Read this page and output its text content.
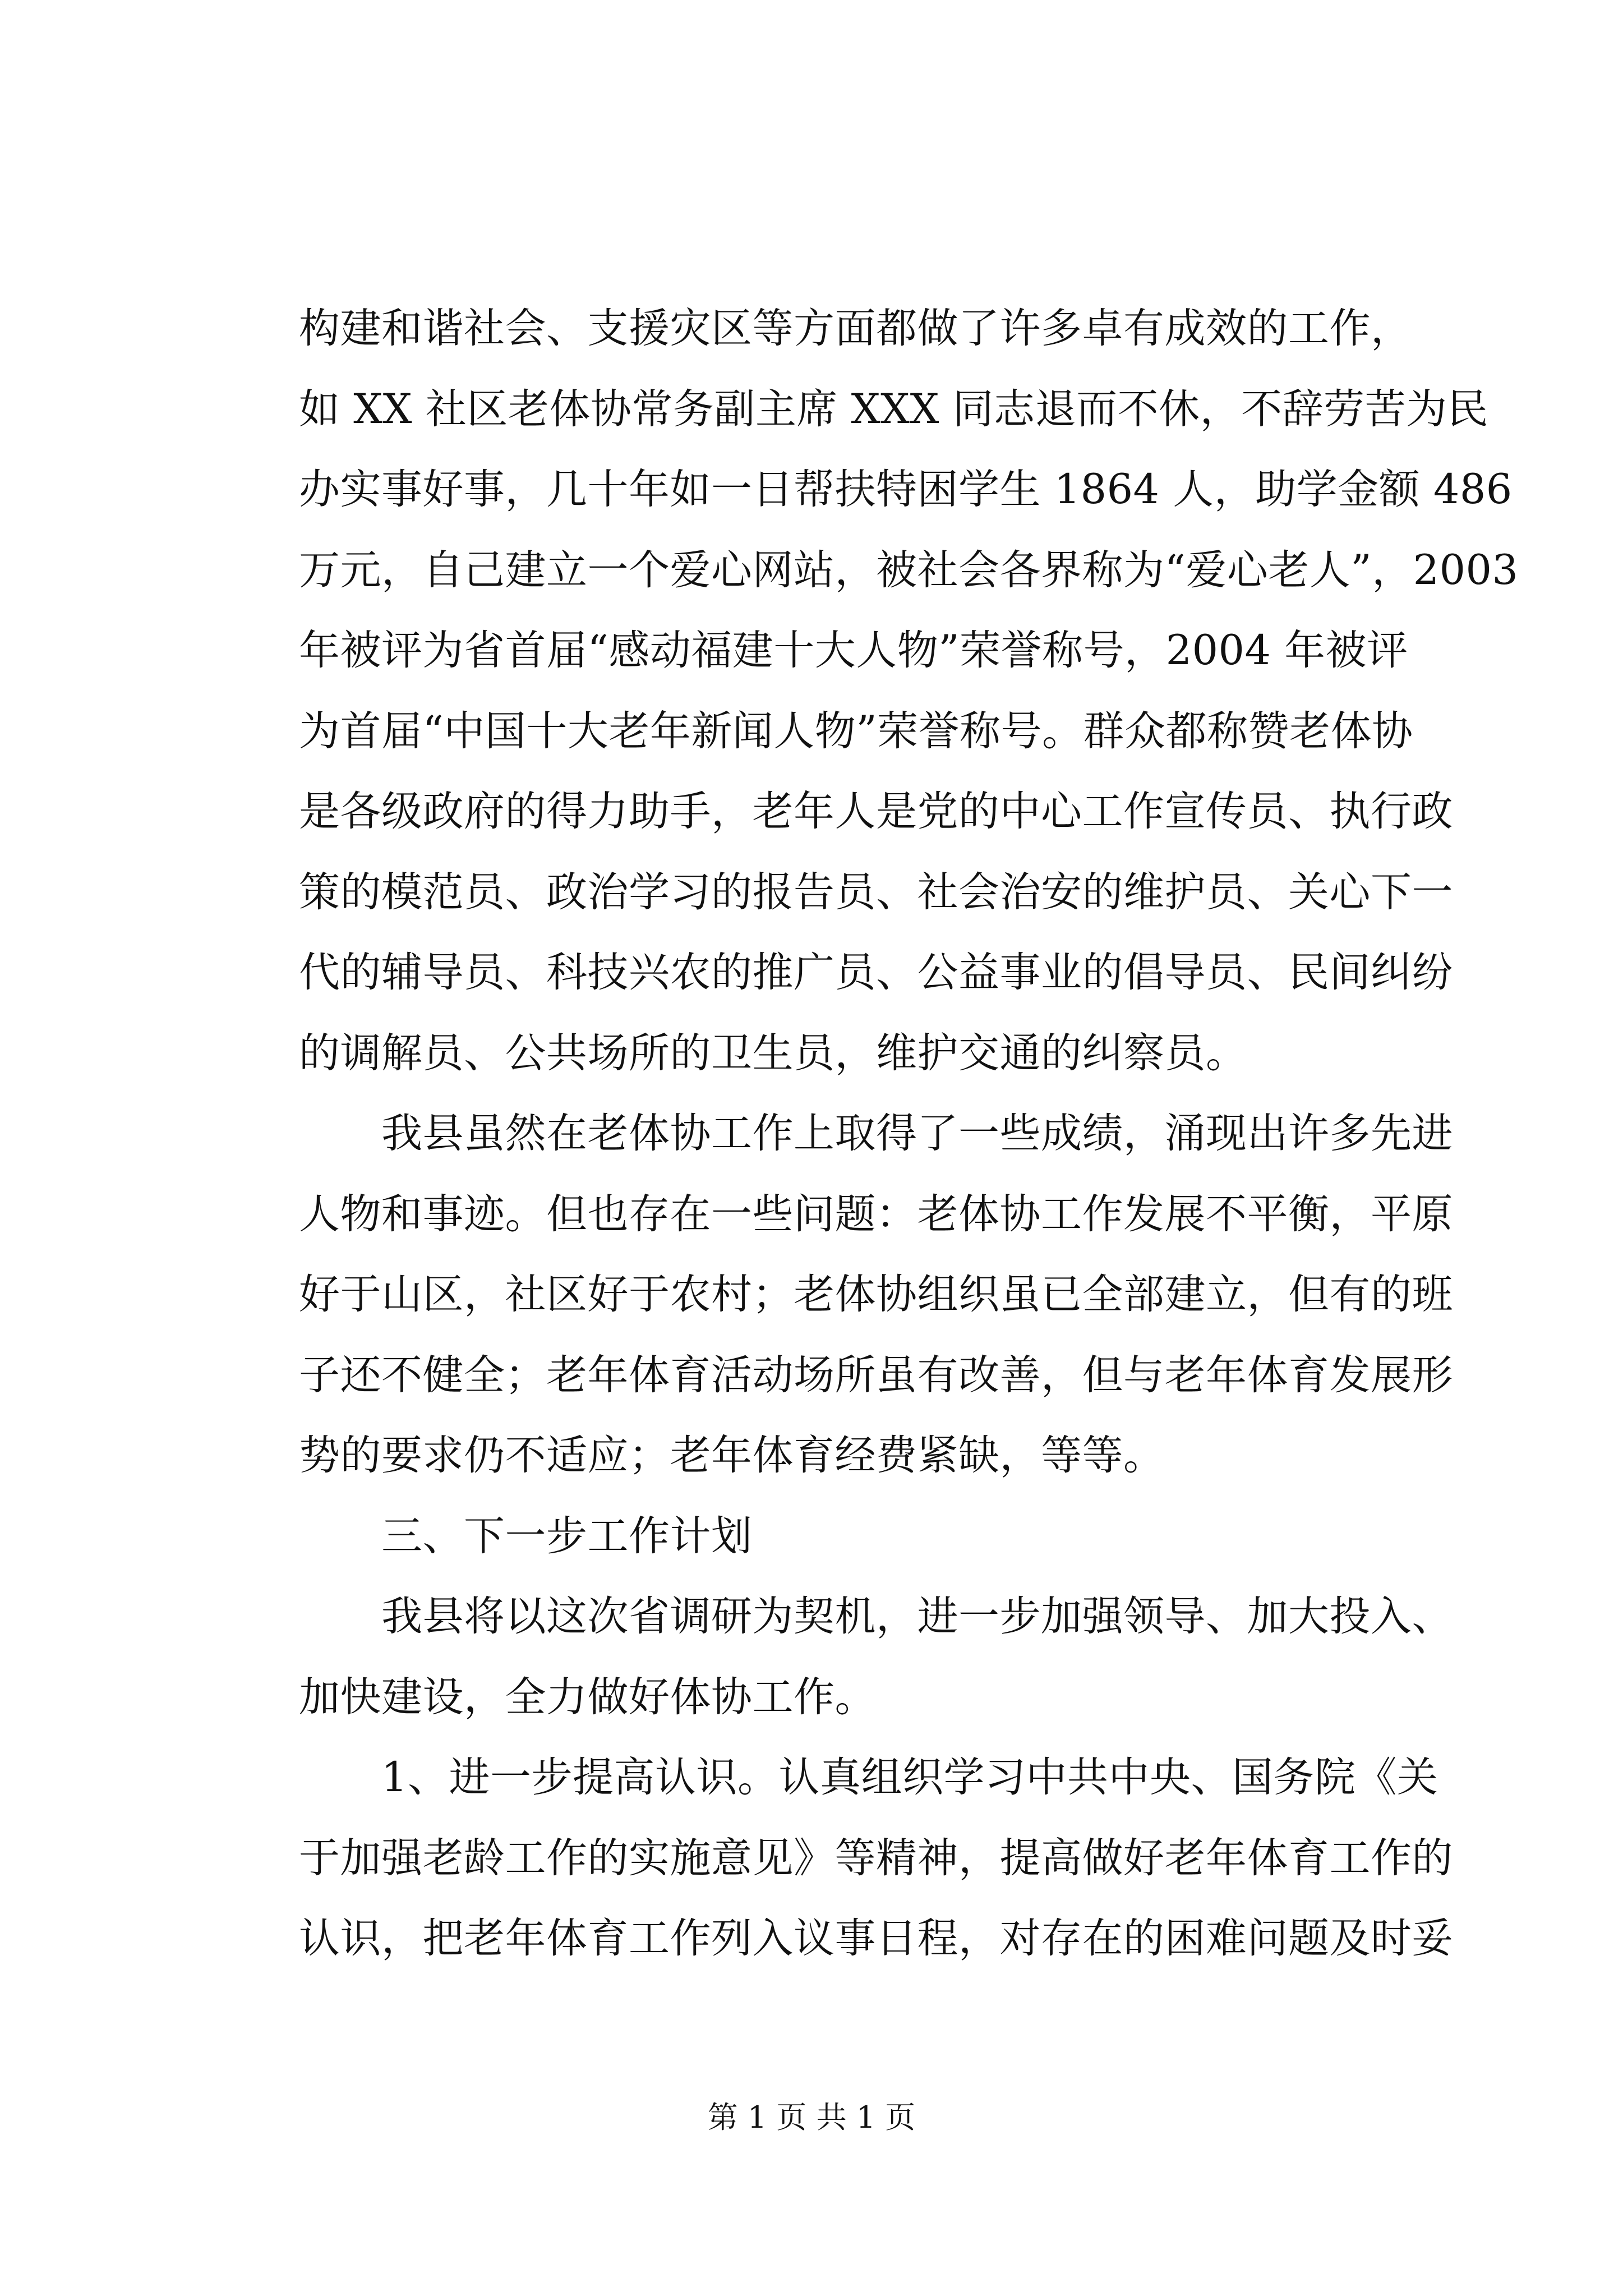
构建和谐社会、支援灾区等方面都做了许多卓有成效的工作，
如 XX 社区老体协常务副主席 XXX 同志退而不休，不辞劳苦为民
办实事好事，几十年如一日帮扶特困学生 1864 人，助学金额 486
万元，自己建立一个爱心网站，被社会各界称为“爱心老人”，2003
年被评为省首届“感动福建十大人物”荣誉称号，2004 年被评
为首届“中国十大老年新闻人物”荣誉称号。群众都称赞老体协
是各级政府的得力助手，老年人是党的中心工作宣传员、执行政
策的模范员、政治学习的报告员、社会治安的维护员、关心下一
代的辅导员、科技兴农的推广员、公益事业的倡导员、民间纠纷
的调解员、公共场所的卫生员，维护交通的纠察员。
　　我县虽然在老体协工作上取得了一些成绩，涌现出许多先进
人物和事迹。但也存在一些问题：老体协工作发展不平衡，平原
好于山区，社区好于农村；老体协组织虽已全部建立，但有的班
子还不健全；老年体育活动场所虽有改善，但与老年体育发展形
势的要求仍不适应；老年体育经费紧缺，等等。
　　三、下一步工作计划
　　我县将以这次省调研为契机，进一步加强领导、加大投入、
加快建设，全力做好体协工作。
　　1、进一步提高认识。认真组织学习中共中央、国务院《关
于加强老龄工作的实施意见》等精神，提高做好老年体育工作的
认识，把老年体育工作列入议事日程，对存在的困难问题及时妥
第 1 页 共 1 页
